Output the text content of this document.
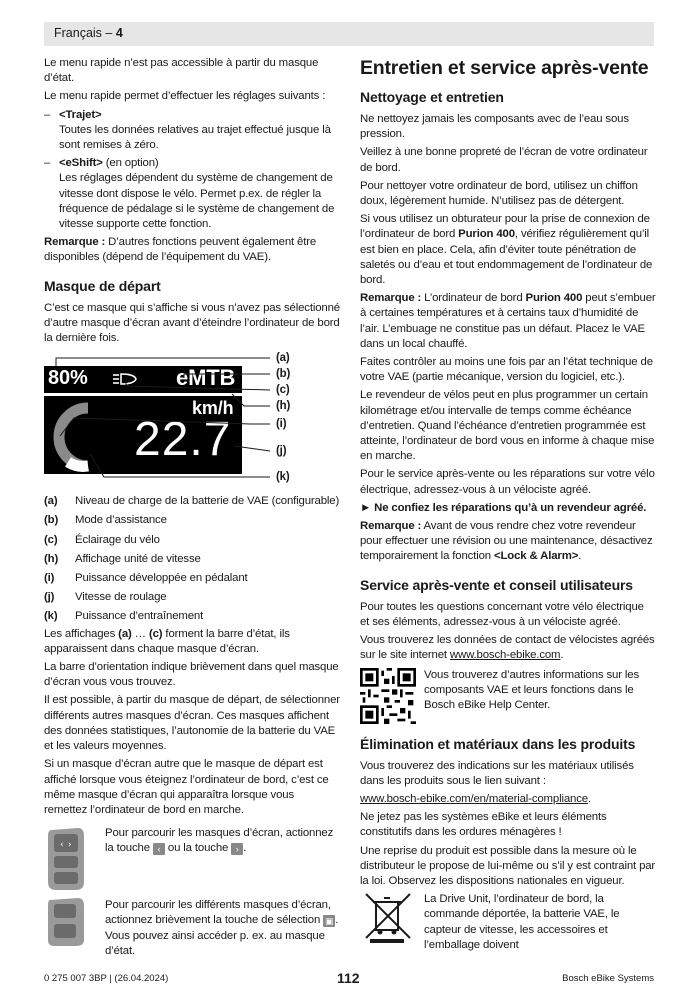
Français – 4

Le menu rapide n’est pas accessible à partir du masque d’état.

Le menu rapide permet d’effectuer les réglages suivants :

– <Trajet>
Toutes les données relatives au trajet effectué jusque là sont remises à zéro.
– <eShift> (en option)
Les réglages dépendent du système de changement de vitesse dont dispose le vélo. Permet p.ex. de régler la fréquence de pédalage si le système de changement de vitesse supporte cette fonction.

Remarque : D’autres fonctions peuvent également être disponibles (dépend de l’équipement du VAE).

Masque de départ

C’est ce masque qui s’affiche si vous n’avez pas sélectionné d’autre masque d’écran avant d’éteindre l’ordinateur de bord la dernière fois.

80%	eMTB
km/h
22.7
(a)
(b)
(c)
(h)
(i)
(j)
(k)
(a)	Niveau de charge de la batterie de VAE (configurable)
(b)	Mode d’assistance
(c)	Éclairage du vélo
(h)	Affichage unité de vitesse
(i)	Puissance développée en pédalant
(j)	Vitesse de roulage
(k)	Puissance d’entraînement

Les affichages (a) … (c) forment la barre d’état, ils apparaissent dans chaque masque d’écran.

La barre d’orientation indique brièvement dans quel masque d’écran vous vous trouvez.

Il est possible, à partir du masque de départ, de sélectionner différents autres masques d’écran. Ces masques affichent des données statistiques, l’autonomie de la batterie du VAE et les valeurs moyennes.

Si un masque d’écran autre que le masque de départ est affiché lorsque vous éteignez l’ordinateur de bord, c’est ce même masque d’écran qui apparaîtra lorsque vous remettez l’ordinateur de bord en marche.

‹ ›
Pour parcourir les masques d’écran, actionnez la touche ‹ ou la touche › .
Pour parcourir les différents masques d’écran, actionnez brièvement la touche de sélection ▣ . Vous pouvez ainsi accéder p. ex. au masque d’état.
Entretien et service après-vente
Nettoyage et entretien

Ne nettoyez jamais les composants avec de l’eau sous pression.

Veillez à une bonne propreté de l’écran de votre ordinateur de bord.

Pour nettoyer votre ordinateur de bord, utilisez un chiffon doux, légèrement humide. N’utilisez pas de détergent.

Si vous utilisez un obturateur pour la prise de connexion de l’ordinateur de bord Purion 400, vérifiez régulièrement qu’il est bien en place. Cela, afin d’éviter toute pénétration de saletés ou d’eau et tout endommagement de l’ordinateur de bord.

Remarque : L’ordinateur de bord Purion 400 peut s’embuer à certaines températures et à certains taux d’humidité de l’air. L’embuage ne constitue pas un défaut. Placez le VAE dans un local chauffé.

Faites contrôler au moins une fois par an l’état technique de votre VAE (partie mécanique, version du logiciel, etc.).

Le revendeur de vélos peut en plus programmer un certain kilométrage et/ou intervalle de temps comme échéance d’entretien. Quand l’échéance d’entretien programmée est atteinte, l’ordinateur de bord vous en informe à chaque mise en marche.

Pour le service après-vente ou les réparations sur votre vélo électrique, adressez-vous à un vélociste agréé.

► Ne confiez les réparations qu’à un revendeur agréé.

Remarque : Avant de vous rendre chez votre revendeur pour effectuer une révision ou une maintenance, désactivez temporairement la fonction <Lock & Alarm>.

Service après-vente et conseil utilisateurs

Pour toutes les questions concernant votre vélo électrique et ses éléments, adressez-vous à un vélociste agréé.

Vous trouverez les données de contact de vélocistes agréés sur le site internet www.bosch-ebike.com.

Vous trouverez d’autres informations sur les composants VAE et leurs fonctions dans le Bosch eBike Help Center.
Élimination et matériaux dans les produits

Vous trouverez des indications sur les matériaux utilisés dans les produits sous le lien suivant :

www.bosch-ebike.com/en/material-compliance.

Ne jetez pas les systèmes eBike et leurs éléments constitutifs dans les ordures ménagères !

Une reprise du produit est possible dans la mesure où le distributeur le propose de lui-même ou s’il y est contraint par la loi. Observez les dispositions nationales en vigueur.

La Drive Unit, l’ordinateur de bord, la commande déportée, la batterie VAE, le capteur de vitesse, les accessoires et l’emballage doivent
0 275 007 3BP | (26.04.2024)	112	Bosch eBike Systems
